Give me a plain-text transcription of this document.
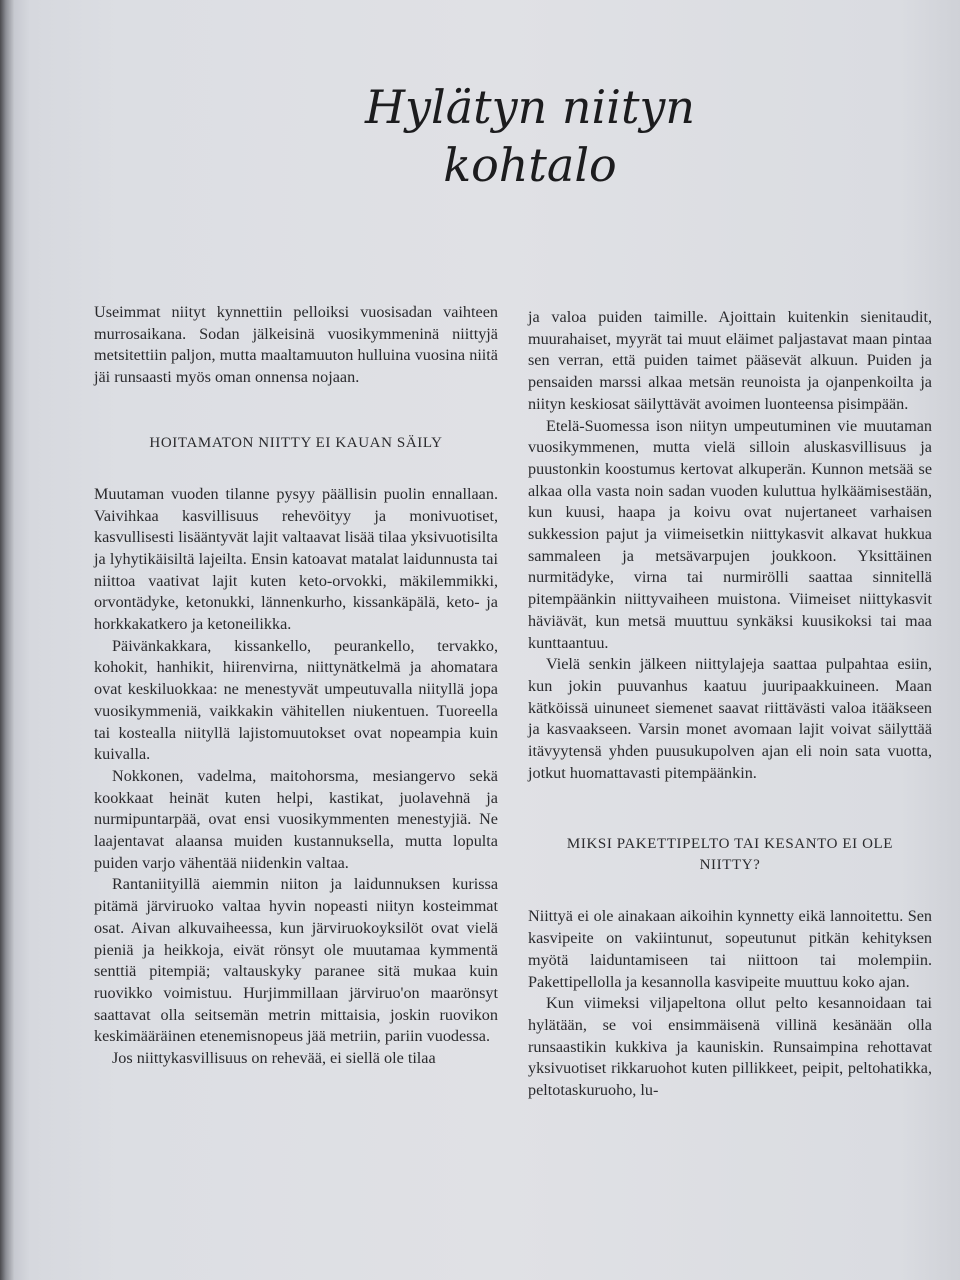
Hylätyn niityn
kohtalo

Useimmat niityt kynnettiin pelloiksi vuosisadan vaihteen murrosaikana. Sodan jälkeisinä vuosikymmeninä niittyjä metsitettiin paljon, mutta maaltamuuton hulluina vuosina niitä jäi runsaasti myös oman onnensa nojaan.

HOITAMATON NIITTY EI KAUAN SÄILY

Muutaman vuoden tilanne pysyy päällisin puolin ennallaan. Vaivihkaa kasvillisuus rehevöityy ja monivuotiset, kasvullisesti lisääntyvät lajit valtaavat lisää tilaa yksivuotisilta ja lyhytikäisiltä lajeilta. Ensin katoavat matalat laidunnusta tai niittoa vaativat lajit kuten keto-orvokki, mäkilemmikki, orvontädyke, ketonukki, lännenkurho, kissankäpälä, keto- ja horkkakatkero ja ketoneilikka.

Päivänkakkara, kissankello, peurankello, tervakko, kohokit, hanhikit, hiirenvirna, niittynätkelmä ja ahomatara ovat keskiluokkaa: ne menestyvät umpeutuvalla niityllä jopa vuosikymmeniä, vaikkakin vähitellen niukentuen. Tuoreella tai kostealla niityllä lajistomuutokset ovat nopeampia kuin kuivalla.

Nokkonen, vadelma, maitohorsma, mesiangervo sekä kookkaat heinät kuten helpi, kastikat, juolavehnä ja nurmipuntarpää, ovat ensi vuosikymmenten menestyjiä. Ne laajentavat alaansa muiden kustannuksella, mutta lopulta puiden varjo vähentää niidenkin valtaa.

Rantaniityillä aiemmin niiton ja laidunnuksen kurissa pitämä järviruoko valtaa hyvin nopeasti niityn kosteimmat osat. Aivan alkuvaiheessa, kun järviruokoyksilöt ovat vielä pieniä ja heikkoja, eivät rönsyt ole muutamaa kymmentä senttiä pitempiä; valtauskyky paranee sitä mukaa kuin ruovikko voimistuu. Hurjimmillaan järviruo'on maarönsyt saattavat olla seitsemän metrin mittaisia, joskin ruovikon keskimääräinen etenemisnopeus jää metriin, pariin vuodessa.

Jos niittykasvillisuus on rehevää, ei siellä ole tilaa

ja valoa puiden taimille. Ajoittain kuitenkin sienitaudit, muurahaiset, myyrät tai muut eläimet paljastavat maan pintaa sen verran, että puiden taimet pääsevät alkuun. Puiden ja pensaiden marssi alkaa metsän reunoista ja ojanpenkoilta ja niityn keskiosat säilyttävät avoimen luonteensa pisimpään.

Etelä-Suomessa ison niityn umpeutuminen vie muutaman vuosikymmenen, mutta vielä silloin aluskasvillisuus ja puustonkin koostumus kertovat alkuperän. Kunnon metsää se alkaa olla vasta noin sadan vuoden kuluttua hylkäämisestään, kun kuusi, haapa ja koivu ovat nujertaneet varhaisen sukkession pajut ja viimeisetkin niittykasvit alkavat hukkua sammaleen ja metsävarpujen joukkoon. Yksittäinen nurmitädyke, virna tai nurmirölli saattaa sinnitellä pitempäänkin niittyvaiheen muistona. Viimeiset niittykasvit häviävät, kun metsä muuttuu synkäksi kuusikoksi tai maa kunttaantuu.

Vielä senkin jälkeen niittylajeja saattaa pulpahtaa esiin, kun jokin puuvanhus kaatuu juuripaakkuineen. Maan kätköissä uinuneet siemenet saavat riittävästi valoa itääkseen ja kasvaakseen. Varsin monet avomaan lajit voivat säilyttää itävyytensä yhden puusukupolven ajan eli noin sata vuotta, jotkut huomattavasti pitempäänkin.

MIKSI PAKETTIPELTO TAI KESANTO EI OLE NIITTY?

Niittyä ei ole ainakaan aikoihin kynnetty eikä lannoitettu. Sen kasvipeite on vakiintunut, sopeutunut pitkän kehityksen myötä laiduntamiseen tai niittoon tai molempiin. Pakettipellolla ja kesannolla kasvipeite muuttuu koko ajan.

Kun viimeksi viljapeltona ollut pelto kesannoidaan tai hylätään, se voi ensimmäisenä villinä kesänään olla runsaastikin kukkiva ja kauniskin. Runsaimpina rehottavat yksivuotiset rikkaruohot kuten pillikkeet, peipit, peltohatikka, peltotaskuruoho, lu-
